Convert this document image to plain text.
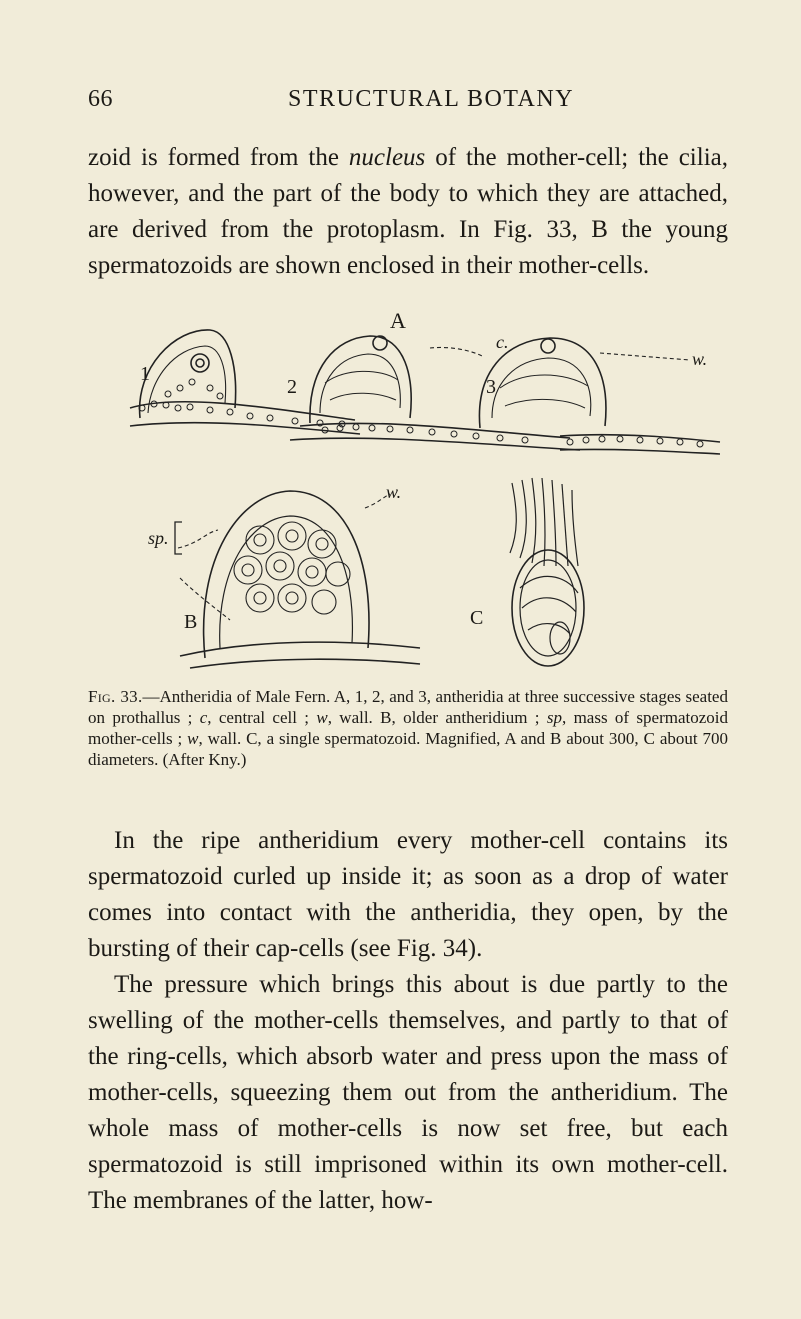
66	STRUCTURAL BOTANY

zoid is formed from the nucleus of the mother-cell; the cilia, however, and the part of the body to which they are attached, are derived from the protoplasm. In Fig. 33, B the young spermatozoids are shown enclosed in their mother-cells.

A
1
2	3
c.
w.
w.
sp.
B	C

Fig. 33.—Antheridia of Male Fern. A, 1, 2, and 3, antheridia at three successive stages seated on prothallus ; c, central cell ; w, wall. B, older antheridium ; sp, mass of spermatozoid mother-cells ; w, wall. C, a single spermatozoid. Magnified, A and B about 300, C about 700 diameters. (After Kny.)

In the ripe antheridium every mother-cell contains its spermatozoid curled up inside it; as soon as a drop of water comes into contact with the antheridia, they open, by the bursting of their cap-cells (see Fig. 34).

The pressure which brings this about is due partly to the swelling of the mother-cells themselves, and partly to that of the ring-cells, which absorb water and press upon the mass of mother-cells, squeezing them out from the antheridium. The whole mass of mother-cells is now set free, but each spermatozoid is still imprisoned within its own mother-cell. The membranes of the latter, how-
